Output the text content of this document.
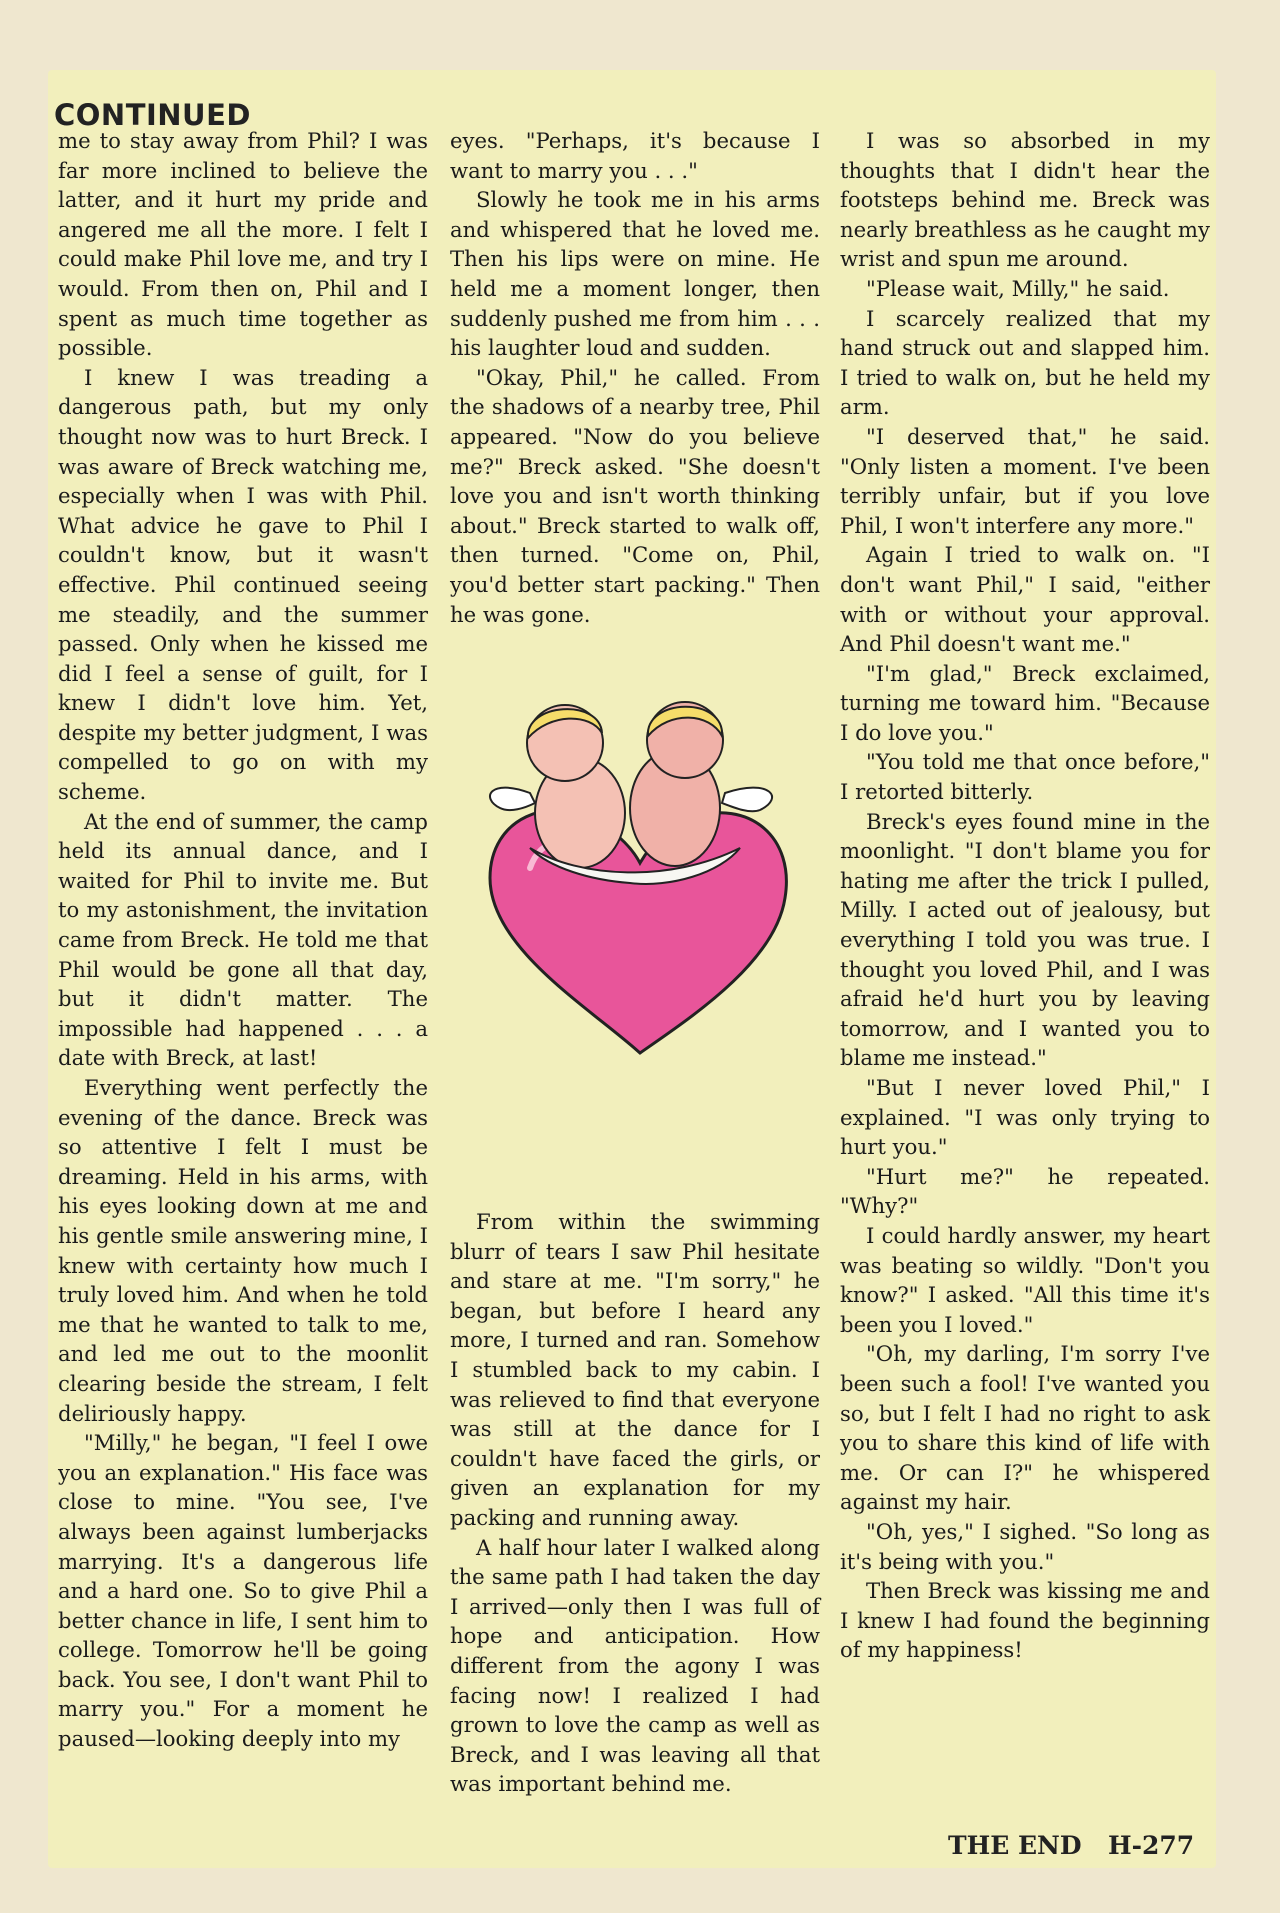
CONTINUED

me to stay away from Phil? I was far more inclined to believe the latter, and it hurt my pride and angered me all the more. I felt I could make Phil love me, and try I would. From then on, Phil and I spent as much time together as possible.

I knew I was treading a dangerous path, but my only thought now was to hurt Breck. I was aware of Breck watching me, especially when I was with Phil. What advice he gave to Phil I couldn't know, but it wasn't effective. Phil continued seeing me steadily, and the summer passed. Only when he kissed me did I feel a sense of guilt, for I knew I didn't love him. Yet, despite my better judgment, I was compelled to go on with my scheme.

At the end of summer, the camp held its annual dance, and I waited for Phil to invite me. But to my astonishment, the invitation came from Breck. He told me that Phil would be gone all that day, but it didn't matter. The impossible had happened . . . a date with Breck, at last!

Everything went perfectly the evening of the dance. Breck was so attentive I felt I must be dreaming. Held in his arms, with his eyes looking down at me and his gentle smile answering mine, I knew with certainty how much I truly loved him. And when he told me that he wanted to talk to me, and led me out to the moonlit clearing beside the stream, I felt deliriously happy.

"Milly," he began, "I feel I owe you an explanation." His face was close to mine. "You see, I've always been against lumberjacks marrying. It's a dangerous life and a hard one. So to give Phil a better chance in life, I sent him to college. Tomorrow he'll be going back. You see, I don't want Phil to marry you." For a moment he paused—looking deeply into my

eyes. "Perhaps, it's because I want to marry you . . ."

Slowly he took me in his arms and whispered that he loved me. Then his lips were on mine. He held me a moment longer, then suddenly pushed me from him . . . his laughter loud and sudden.

"Okay, Phil," he called. From the shadows of a nearby tree, Phil appeared. "Now do you believe me?" Breck asked. "She doesn't love you and isn't worth thinking about." Breck started to walk off, then turned. "Come on, Phil, you'd better start packing." Then he was gone.

From within the swimming blurr of tears I saw Phil hesitate and stare at me. "I'm sorry," he began, but before I heard any more, I turned and ran. Somehow I stumbled back to my cabin. I was relieved to find that everyone was still at the dance for I couldn't have faced the girls, or given an explanation for my packing and running away.

A half hour later I walked along the same path I had taken the day I arrived—only then I was full of hope and anticipation. How different from the agony I was facing now! I realized I had grown to love the camp as well as Breck, and I was leaving all that was important behind me.

I was so absorbed in my thoughts that I didn't hear the footsteps behind me. Breck was nearly breathless as he caught my wrist and spun me around.

"Please wait, Milly," he said.

I scarcely realized that my hand struck out and slapped him. I tried to walk on, but he held my arm.

"I deserved that," he said. "Only listen a moment. I've been terribly unfair, but if you love Phil, I won't interfere any more."

Again I tried to walk on. "I don't want Phil," I said, "either with or without your approval. And Phil doesn't want me."

"I'm glad," Breck exclaimed, turning me toward him. "Because I do love you."

"You told me that once before," I retorted bitterly.

Breck's eyes found mine in the moonlight. "I don't blame you for hating me after the trick I pulled, Milly. I acted out of jealousy, but everything I told you was true. I thought you loved Phil, and I was afraid he'd hurt you by leaving tomorrow, and I wanted you to blame me instead."

"But I never loved Phil," I explained. "I was only trying to hurt you."

"Hurt me?" he repeated. "Why?"

I could hardly answer, my heart was beating so wildly. "Don't you know?" I asked. "All this time it's been you I loved."

"Oh, my darling, I'm sorry I've been such a fool! I've wanted you so, but I felt I had no right to ask you to share this kind of life with me. Or can I?" he whispered against my hair.

"Oh, yes," I sighed. "So long as it's being with you."

Then Breck was kissing me and I knew I had found the beginning of my happiness!

THE END H-277
